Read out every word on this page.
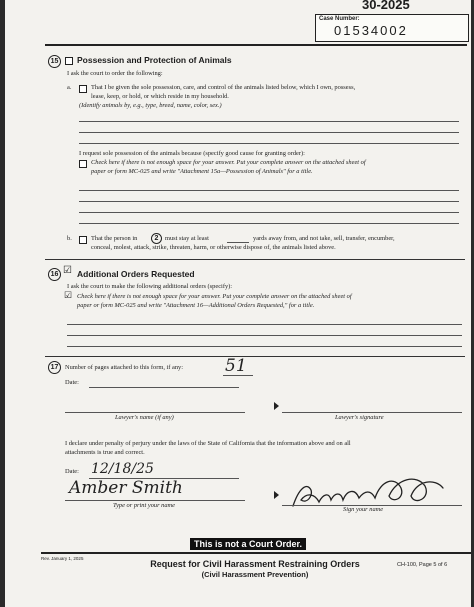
30-2025
Case Number:
01534002
15	Possession and Protection of Animals
I ask the court to order the following:
a.	That I be given the sole possession, care, and control of the animals listed below, which I own, possess,
lease, keep, or hold, or which reside in my household.
(Identify animals by, e.g., type, breed, name, color, sex.)
I request sole possession of the animals because (specify good cause for granting order):
Check here if there is not enough space for your answer. Put your complete answer on the attached sheet of
paper or form MC-025 and write "Attachment 15a—Possession of Animals" for a title.
b.	That the person in	2	must stay at least	yards away from, and not take, sell, transfer, encumber,
conceal, molest, attack, strike, threaten, harm, or otherwise dispose of, the animals listed above.
16 ☑ Additional Orders Requested
I ask the court to make the following additional orders (specify):
☑ Check here if there is not enough space for your answer. Put your complete answer on the attached sheet of
paper or form MC-025 and write "Attachment 16—Additional Orders Requested," for a title.
17	Number of pages attached to this form, if any: 51
Date:
Lawyer's name (if any)	Lawyer's signature
I declare under penalty of perjury under the laws of the State of California that the information above and on all
attachments is true and correct.
Date: 12/18/25
Amber Smith
Type or print your name
Sign your name
This is not a Court Order.
Rev. January 1, 2025
Request for Civil Harassment Restraining Orders
(Civil Harassment Prevention)
CH-100, Page 5 of 6
